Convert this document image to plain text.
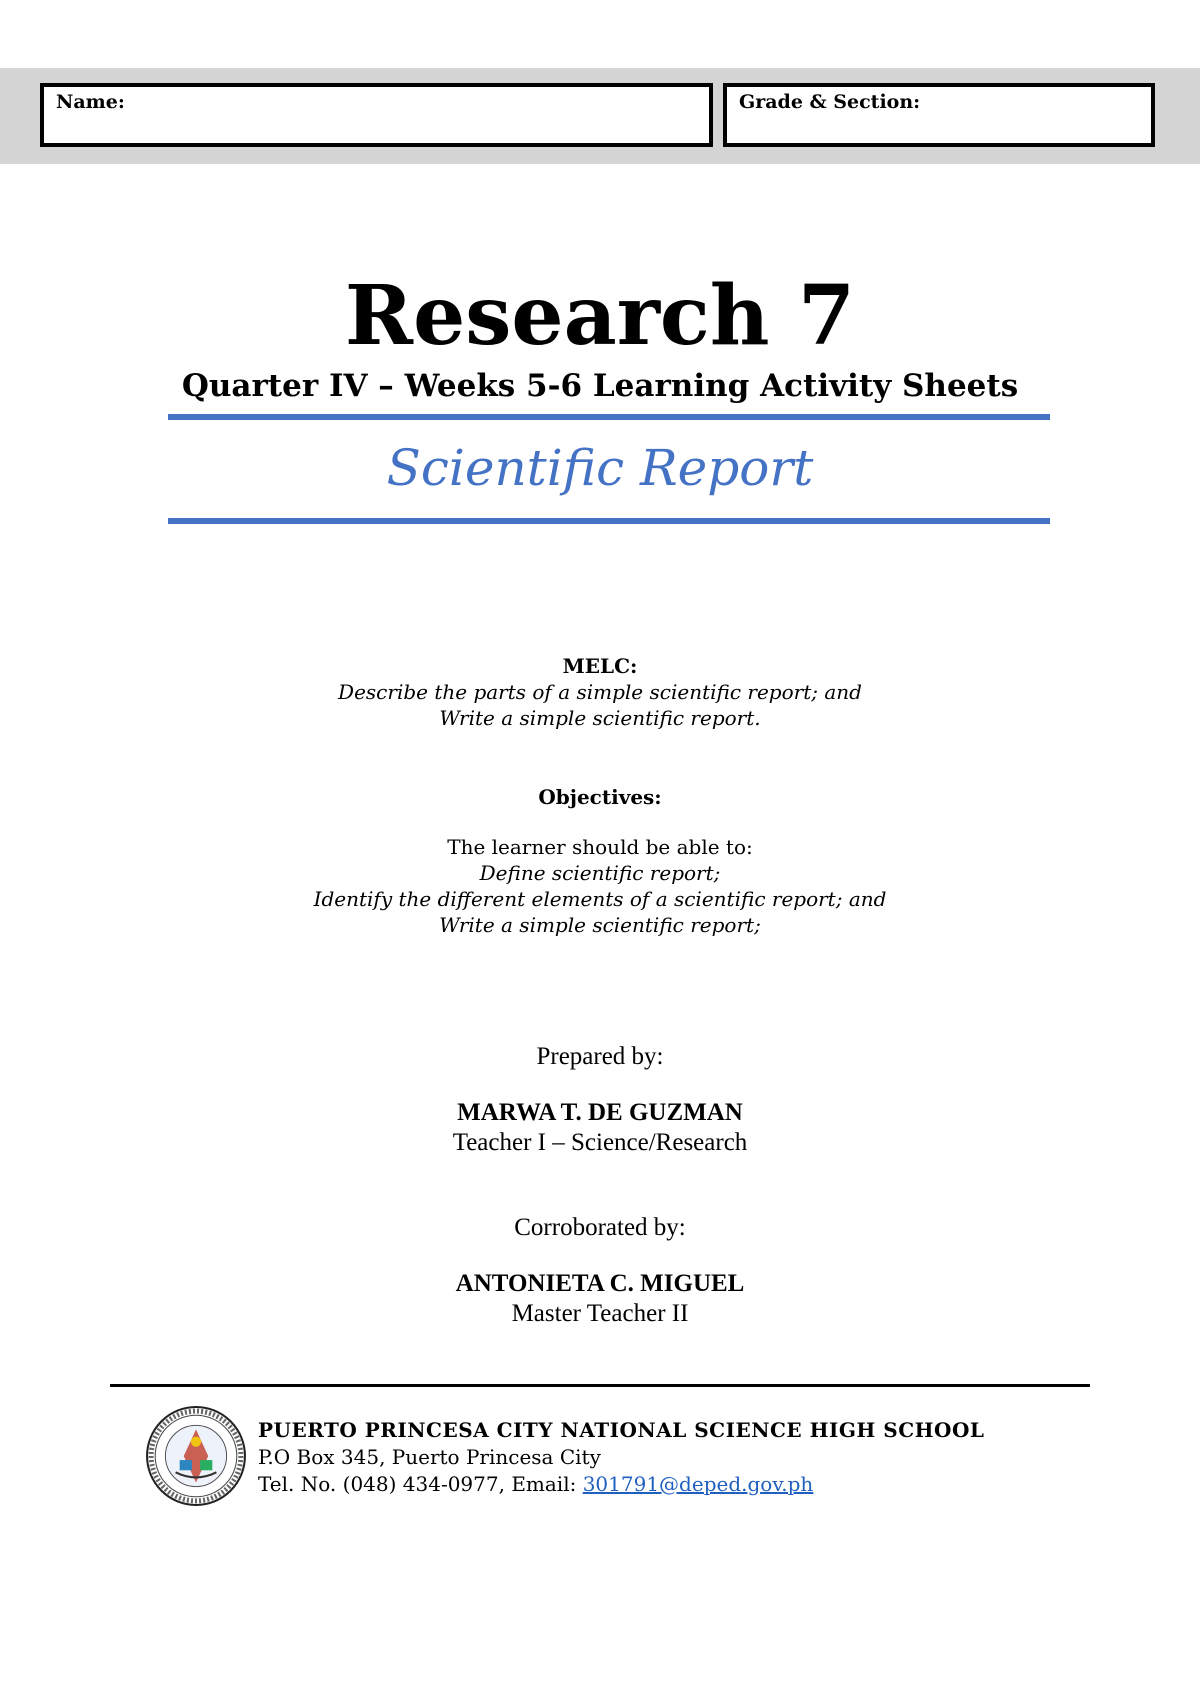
Name:	Grade & Section:
Research 7
Quarter IV – Weeks 5-6 Learning Activity Sheets
Scientific Report
MELC:
Describe the parts of a simple scientific report; and
Write a simple scientific report.
Objectives:
The learner should be able to:
Define scientific report;
Identify the different elements of a scientific report; and
Write a simple scientific report;
Prepared by:
MARWA T. DE GUZMAN
Teacher I – Science/Research
Corroborated by:
ANTONIETA C. MIGUEL
Master Teacher II
PUERTO PRINCESA CITY NATIONAL SCIENCE HIGH SCHOOL
P.O Box 345, Puerto Princesa City
Tel. No. (048) 434-0977, Email: 301791@deped.gov.ph
